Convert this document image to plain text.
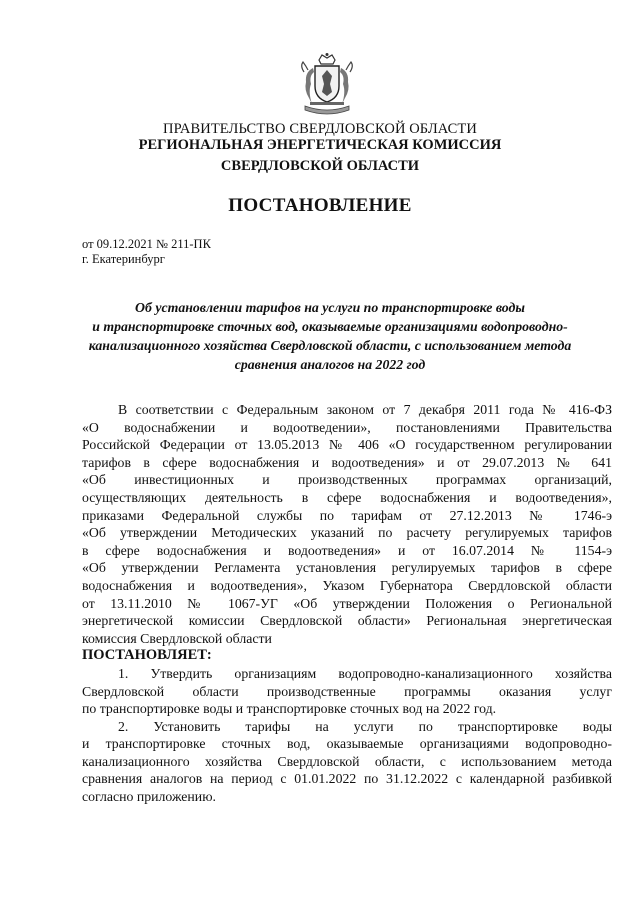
ПРАВИТЕЛЬСТВО СВЕРДЛОВСКОЙ ОБЛАСТИ
РЕГИОНАЛЬНАЯ ЭНЕРГЕТИЧЕСКАЯ КОМИССИЯ
СВЕРДЛОВСКОЙ ОБЛАСТИ
ПОСТАНОВЛЕНИЕ
от 09.12.2021 № 211-ПК
г. Екатеринбург
Об установлении тарифов на услуги по транспортировке воды
и транспортировке сточных вод, оказываемые организациями водопроводно-
канализационного хозяйства Свердловской области, с использованием метода
сравнения аналогов на 2022 год
В соответствии с Федеральным законом от 7 декабря 2011 года № 416-ФЗ
«О водоснабжении и водоотведении», постановлениями Правительства
Российской Федерации от 13.05.2013 № 406 «О государственном регулировании
тарифов в сфере водоснабжения и водоотведения» и от 29.07.2013 № 641
«Об инвестиционных и производственных программах организаций,
осуществляющих деятельность в сфере водоснабжения и водоотведения»,
приказами Федеральной службы по тарифам от 27.12.2013 № 1746-э
«Об утверждении Методических указаний по расчету регулируемых тарифов
в сфере водоснабжения и водоотведения» и от 16.07.2014 № 1154-э
«Об утверждении Регламента установления регулируемых тарифов в сфере
водоснабжения и водоотведения», Указом Губернатора Свердловской области
от 13.11.2010 № 1067-УГ «Об утверждении Положения о Региональной
энергетической комиссии Свердловской области» Региональная энергетическая
комиссия Свердловской области
ПОСТАНОВЛЯЕТ:
1. Утвердить организациям водопроводно-канализационного хозяйства
Свердловской области производственные программы оказания услуг
по транспортировке воды и транспортировке сточных вод на 2022 год.
2. Установить тарифы на услуги по транспортировке воды
и транспортировке сточных вод, оказываемые организациями водопроводно-
канализационного хозяйства Свердловской области, с использованием метода
сравнения аналогов на период с 01.01.2022 по 31.12.2022 с календарной разбивкой
согласно приложению.
